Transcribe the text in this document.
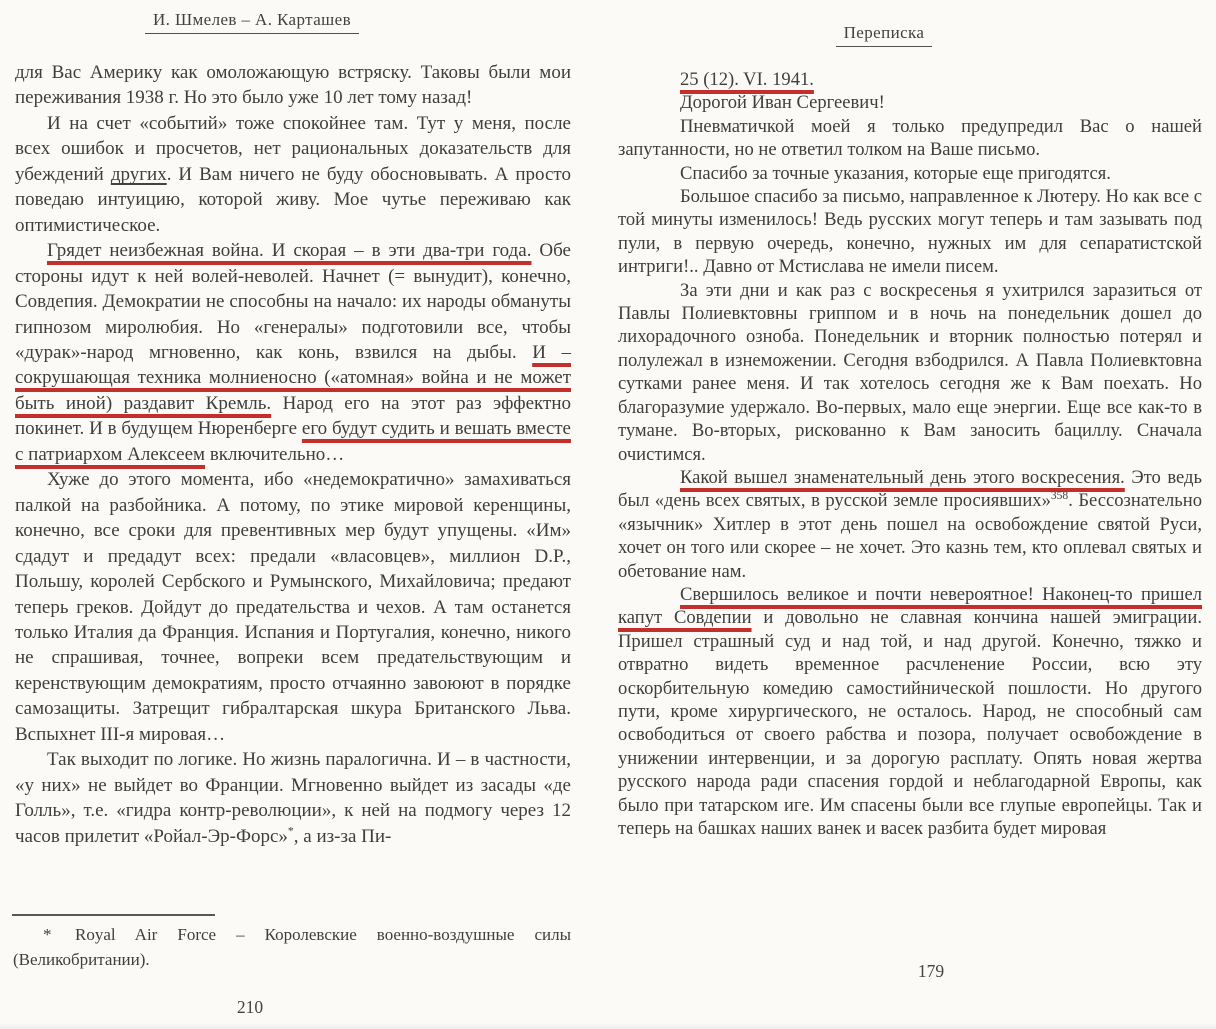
И. Шмелев – А. Карташев

для Вас Америку как омоложающую встряску. Таковы были мои переживания 1938 г. Но это было уже 10 лет тому назад!

И на счет «событий» тоже спокойнее там. Тут у меня, после всех ошибок и просчетов, нет рациональных доказательств для убеждений других. И Вам ничего не буду обосновывать. А просто поведаю интуицию, которой живу. Мое чутье переживаю как оптимистическое.

Грядет неизбежная война. И скорая – в эти два-три года. Обе стороны идут к ней волей-неволей. Начнет (= вынудит), конечно, Совдепия. Демократии не способны на начало: их народы обмануты гипнозом миролюбия. Но «генералы» подготовили все, чтобы «дурак»-народ мгновенно, как конь, взвился на дыбы. И – сокрушающая техника молниеносно («атомная» война и не может быть иной) раздавит Кремль. Народ его на этот раз эффектно покинет. И в будущем Нюренберге его будут судить и вешать вместе с патриархом Алексеем включительно…

Хуже до этого момента, ибо «недемократично» замахиваться палкой на разбойника. А потому, по этике мировой керенщины, конечно, все сроки для превентивных мер будут упущены. «Им» сдадут и предадут всех: предали «власовцев», миллион D.P., Польшу, королей Сербского и Румынского, Михайловича; предают теперь греков. Дойдут до предательства и чехов. А там останется только Италия да Франция. Испания и Португалия, конечно, никого не спрашивая, точнее, вопреки всем предательствующим и керенствующим демократиям, просто отчаянно завоюют в порядке самозащиты. Затрещит гибралтарская шкура Британского Льва. Вспыхнет III-я мировая…

Так выходит по логике. Но жизнь паралогична. И – в частности, «у них» не выйдет во Франции. Мгновенно выйдет из засады «де Голль», т.е. «гидра контр-революции», к ней на подмогу через 12 часов прилетит «Ройал-Эр-Форс»*, а из-за Пи-

* Royal Air Force – Королевские военно-воздушные силы (Великобритании).

210
Переписка

25 (12). VI. 1941.

Дорогой Иван Сергеевич!

Пневматичкой моей я только предупредил Вас о нашей запутанности, но не ответил толком на Ваше письмо.

Спасибо за точные указания, которые еще пригодятся.

Большое спасибо за письмо, направленное к Лютеру. Но как все с той минуты изменилось! Ведь русских могут теперь и там зазывать под пули, в первую очередь, конечно, нужных им для сепаратистской интриги!.. Давно от Мстислава не имели писем.

За эти дни и как раз с воскресенья я ухитрился заразиться от Павлы Полиевктовны гриппом и в ночь на понедельник дошел до лихорадочного озноба. Понедельник и вторник полностью потерял и полулежал в изнеможении. Сегодня взбодрился. А Павла Полиевктовна сутками ранее меня. И так хотелось сегодня же к Вам поехать. Но благоразумие удержало. Во-первых, мало еще энергии. Еще все как-то в тумане. Во-вторых, рискованно к Вам заносить бациллу. Сначала очистимся.

Какой вышел знаменательный день этого воскресения. Это ведь был «день всех святых, в русской земле просиявших»$^{358}$. Бессознательно «язычник» Хитлер в этот день пошел на освобождение святой Руси, хочет он того или скорее – не хочет. Это казнь тем, кто оплевал святых и обетование нам.

Свершилось великое и почти невероятное! Наконец-то пришел капут Совдепии и довольно не славная кончина нашей эмиграции. Пришел страшный суд и над той, и над другой. Конечно, тяжко и отвратно видеть временное расчленение России, всю эту оскорбительную комедию самостийнической пошлости. Но другого пути, кроме хирургического, не осталось. Народ, не способный сам освободиться от своего рабства и позора, получает освобождение в унижении интервенции, и за дорогую расплату. Опять новая жертва русского народа ради спасения гордой и неблагодарной Европы, как было при татарском иге. Им спасены были все глупые европейцы. Так и теперь на башках наших ванек и васек разбита будет мировая

179
